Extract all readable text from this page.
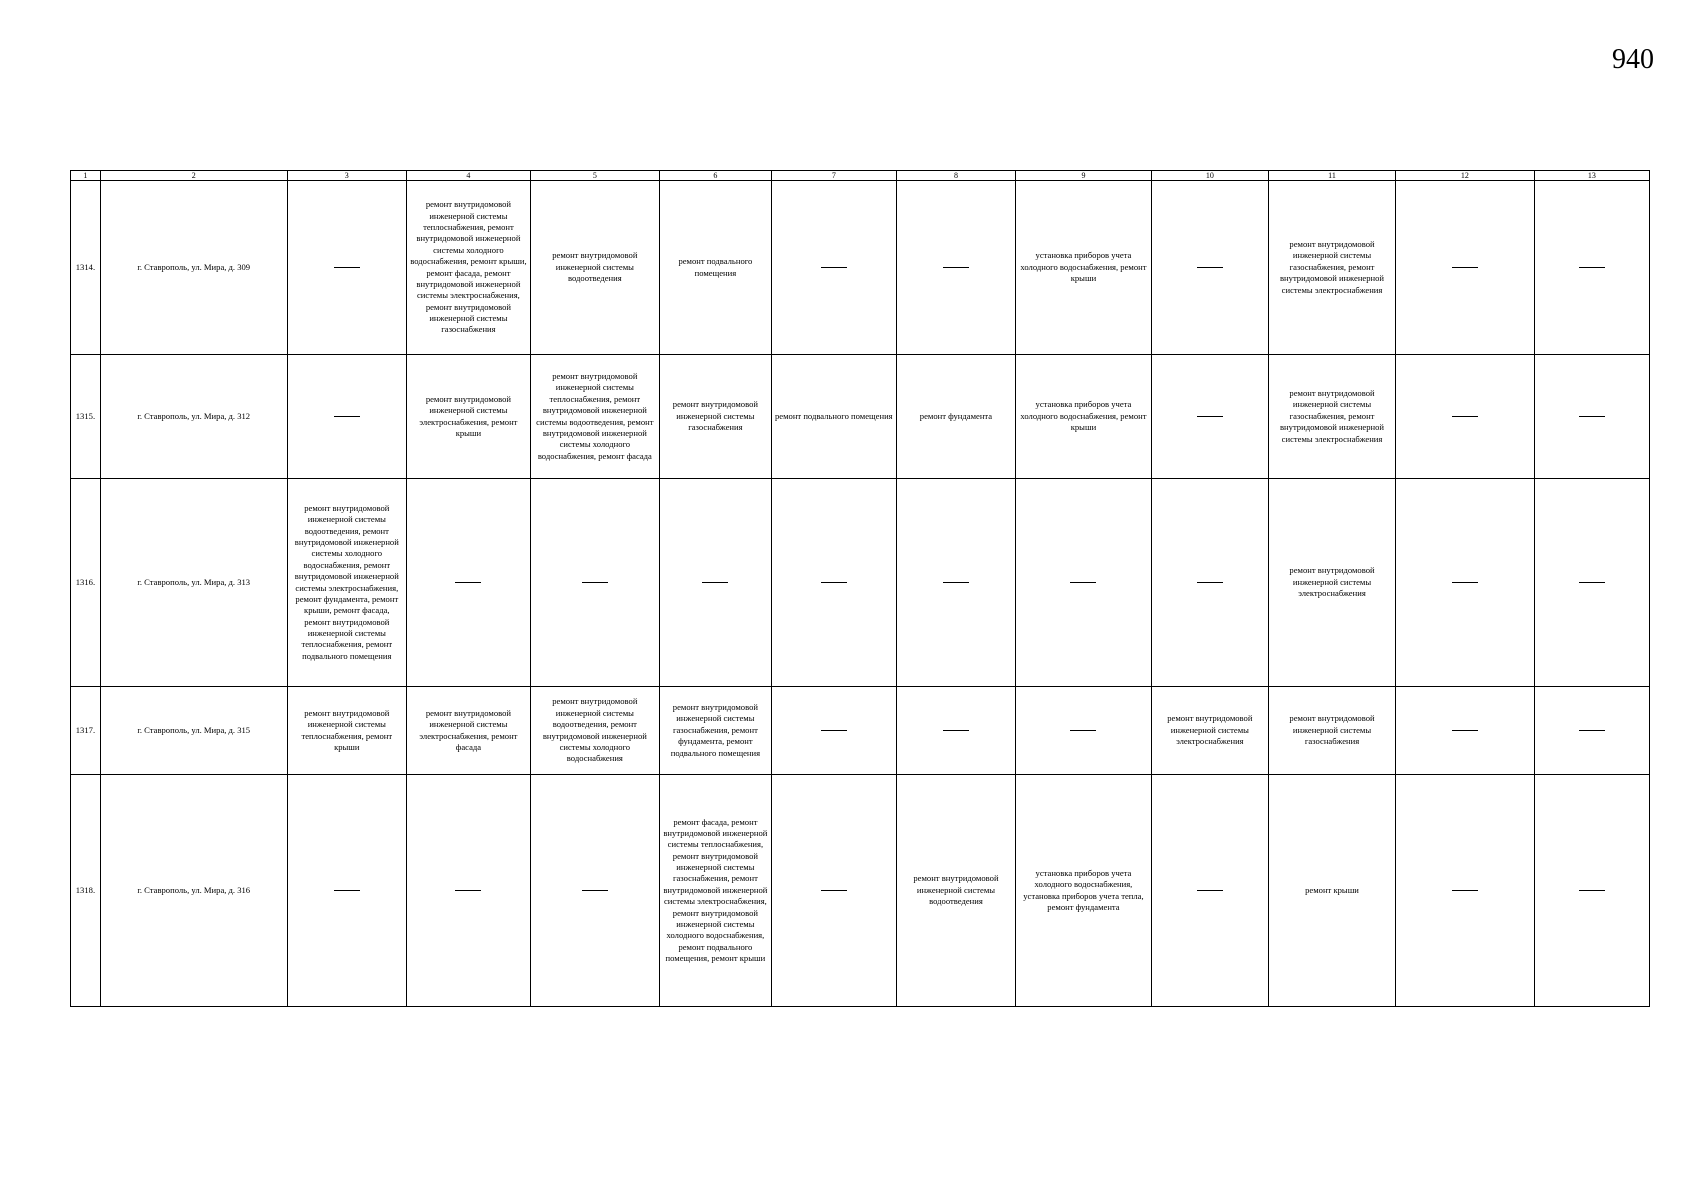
940
1	2	3	4	5	6	7	8	9	10	11	12	13
1314.	г. Ставрополь, ул. Мира, д. 309		ремонт внутридомовой инженерной системы теплоснабжения, ремонт внутридомовой инженерной системы холодного водоснабжения, ремонт крыши, ремонт фасада, ремонт внутридомовой инженерной системы электроснабжения, ремонт внутридомовой инженерной системы газоснабжения	ремонт внутридомовой инженерной системы водоотведения	ремонт подвального помещения			установка приборов учета холодного водоснабжения, ремонт крыши		ремонт внутридомовой инженерной системы газоснабжения, ремонт внутридомовой инженерной системы электроснабжения		
1315.	г. Ставрополь, ул. Мира, д. 312		ремонт внутридомовой инженерной системы электроснабжения, ремонт крыши	ремонт внутридомовой инженерной системы теплоснабжения, ремонт внутридомовой инженерной системы водоотведения, ремонт внутридомовой инженерной системы холодного водоснабжения, ремонт фасада	ремонт внутридомовой инженерной системы газоснабжения	ремонт подвального помещения	ремонт фундамента	установка приборов учета холодного водоснабжения, ремонт крыши		ремонт внутридомовой инженерной системы газоснабжения, ремонт внутридомовой инженерной системы электроснабжения		
1316.	г. Ставрополь, ул. Мира, д. 313	ремонт внутридомовой инженерной системы водоотведения, ремонт внутридомовой инженерной системы холодного водоснабжения, ремонт внутридомовой инженерной системы электроснабжения, ремонт фундамента, ремонт крыши, ремонт фасада, ремонт внутридомовой инженерной системы теплоснабжения, ремонт подвального помещения								ремонт внутридомовой инженерной системы электроснабжения		
1317.	г. Ставрополь, ул. Мира, д. 315	ремонт внутридомовой инженерной системы теплоснабжения, ремонт крыши	ремонт внутридомовой инженерной системы электроснабжения, ремонт фасада	ремонт внутридомовой инженерной системы водоотведения, ремонт внутридомовой инженерной системы холодного водоснабжения	ремонт внутридомовой инженерной системы газоснабжения, ремонт фундамента, ремонт подвального помещения				ремонт внутридомовой инженерной системы электроснабжения	ремонт внутридомовой инженерной системы газоснабжения		
1318.	г. Ставрополь, ул. Мира, д. 316				ремонт фасада, ремонт внутридомовой инженерной системы теплоснабжения, ремонт внутридомовой инженерной системы газоснабжения, ремонт внутридомовой инженерной системы электроснабжения, ремонт внутридомовой инженерной системы холодного водоснабжения, ремонт подвального помещения, ремонт крыши		ремонт внутридомовой инженерной системы водоотведения	установка приборов учета холодного водоснабжения, установка приборов учета тепла, ремонт фундамента		ремонт крыши		
